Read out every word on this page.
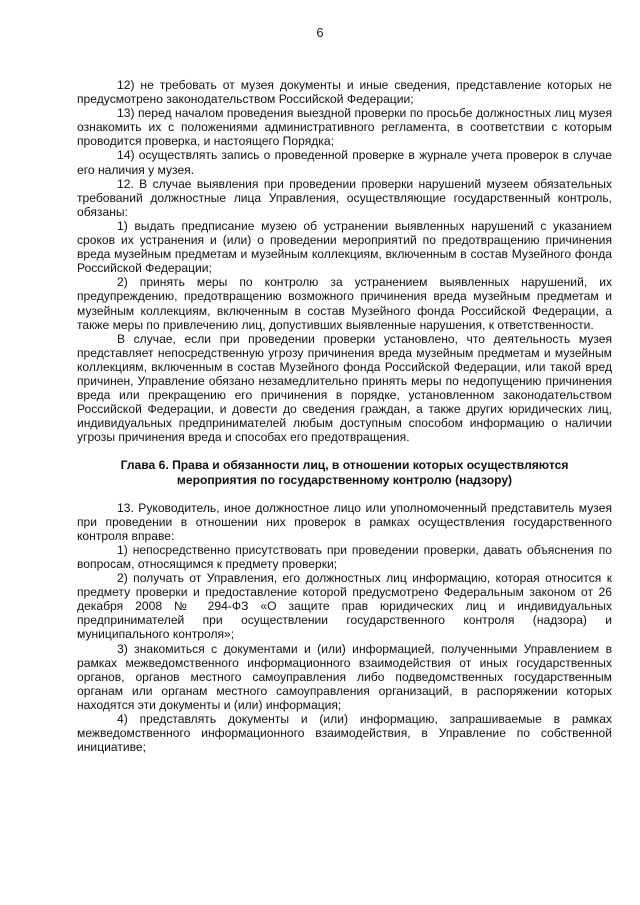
6

12) не требовать от музея документы и иные сведения, представление которых не предусмотрено законодательством Российской Федерации;

13) перед началом проведения выездной проверки по просьбе должностных лиц музея ознакомить их с положениями административного регламента, в соответствии с которым проводится проверка, и настоящего Порядка;

14) осуществлять запись о проведенной проверке в журнале учета проверок в случае его наличия у музея.

12. В случае выявления при проведении проверки нарушений музеем обязательных требований должностные лица Управления, осуществляющие государственный контроль, обязаны:

1) выдать предписание музею об устранении выявленных нарушений с указанием сроков их устранения и (или) о проведении мероприятий по предотвращению причинения вреда музейным предметам и музейным коллекциям, включенным в состав Музейного фонда Российской Федерации;

2) принять меры по контролю за устранением выявленных нарушений, их предупреждению, предотвращению возможного причинения вреда музейным предметам и музейным коллекциям, включенным в состав Музейного фонда Российской Федерации, а также меры по привлечению лиц, допустивших выявленные нарушения, к ответственности.

В случае, если при проведении проверки установлено, что деятельность музея представляет непосредственную угрозу причинения вреда музейным предметам и музейным коллекциям, включенным в состав Музейного фонда Российской Федерации, или такой вред причинен, Управление обязано незамедлительно принять меры по недопущению причинения вреда или прекращению его причинения в порядке, установленном законодательством Российской Федерации, и довести до сведения граждан, а также других юридических лиц, индивидуальных предпринимателей любым доступным способом информацию о наличии угрозы причинения вреда и способах его предотвращения.

Глава 6. Права и обязанности лиц, в отношении которых осуществляются мероприятия по государственному контролю (надзору)

13. Руководитель, иное должностное лицо или уполномоченный представитель музея при проведении в отношении них проверок в рамках осуществления государственного контроля вправе:

1) непосредственно присутствовать при проведении проверки, давать объяснения по вопросам, относящимся к предмету проверки;

2) получать от Управления, его должностных лиц информацию, которая относится к предмету проверки и предоставление которой предусмотрено Федеральным законом от 26 декабря 2008 № 294-ФЗ «О защите прав юридических лиц и индивидуальных предпринимателей при осуществлении государственного контроля (надзора) и муниципального контроля»;

3) знакомиться с документами и (или) информацией, полученными Управлением в рамках межведомственного информационного взаимодействия от иных государственных органов, органов местного самоуправления либо подведомственных государственным органам или органам местного самоуправления организаций, в распоряжении которых находятся эти документы и (или) информация;

4) представлять документы и (или) информацию, запрашиваемые в рамках межведомственного информационного взаимодействия, в Управление по собственной инициативе;
